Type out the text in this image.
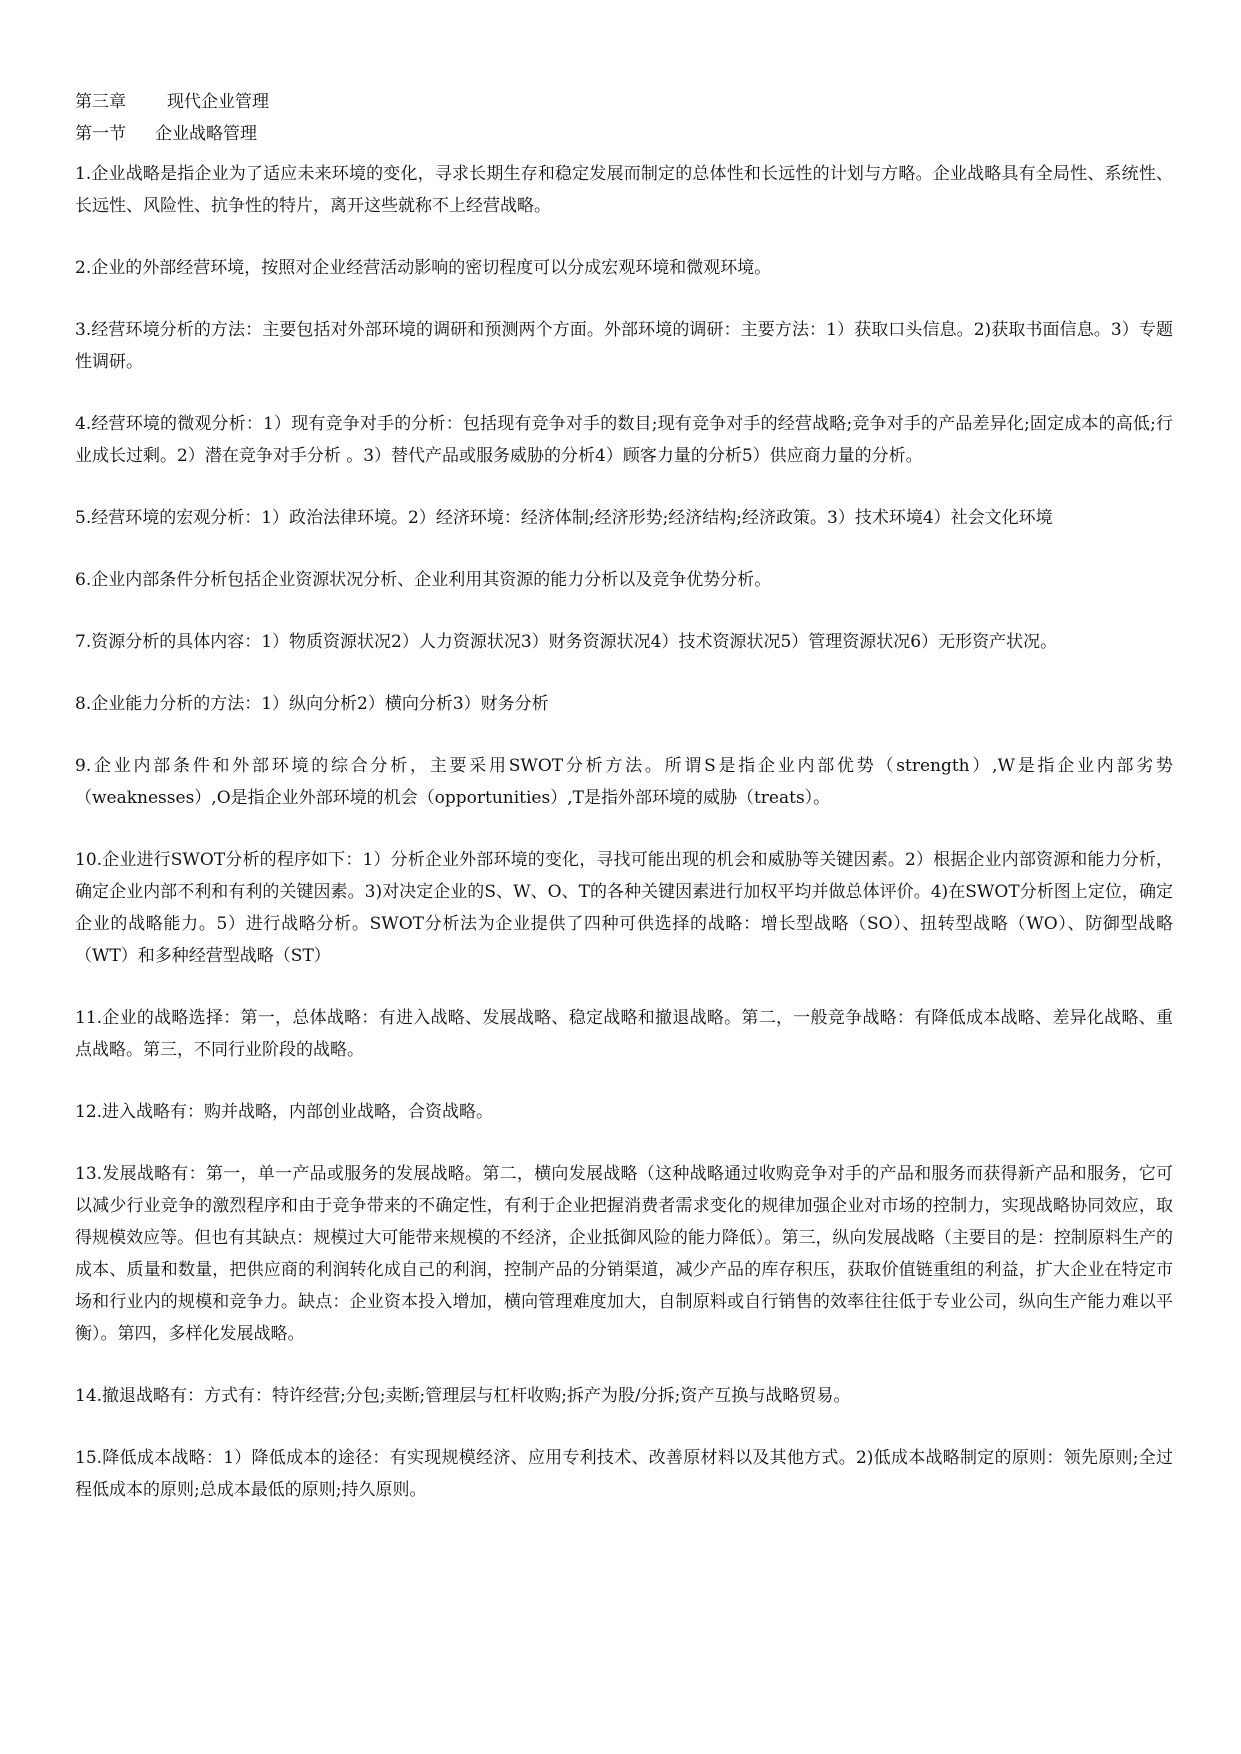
第三章 现代企业管理
第一节 企业战略管理

1.企业战略是指企业为了适应未来环境的变化，寻求长期生存和稳定发展而制定的总体性和长远性的计划与方略。企业战略具有全局性、系统性、长远性、风险性、抗争性的特片，离开这些就称不上经营战略。

2.企业的外部经营环境，按照对企业经营活动影响的密切程度可以分成宏观环境和微观环境。

3.经营环境分析的方法：主要包括对外部环境的调研和预测两个方面。外部环境的调研：主要方法：1）获取口头信息。2)获取书面信息。3）专题性调研。

4.经营环境的微观分析：1）现有竞争对手的分析：包括现有竞争对手的数目;现有竞争对手的经营战略;竞争对手的产品差异化;固定成本的高低;行业成长过剩。2）潜在竞争对手分析 。3）替代产品或服务威胁的分析4）顾客力量的分析5）供应商力量的分析。

5.经营环境的宏观分析：1）政治法律环境。2）经济环境：经济体制;经济形势;经济结构;经济政策。3）技术环境4）社会文化环境

6.企业内部条件分析包括企业资源状况分析、企业利用其资源的能力分析以及竞争优势分析。

7.资源分析的具体内容：1）物质资源状况2）人力资源状况3）财务资源状况4）技术资源状况5）管理资源状况6）无形资产状况。

8.企业能力分析的方法：1）纵向分析2）横向分析3）财务分析

9.企业内部条件和外部环境的综合分析，主要采用SWOT分析方法。所谓S是指企业内部优势（strength）,W是指企业内部劣势（weaknesses）,O是指企业外部环境的机会（opportunities）,T是指外部环境的威胁（treats）。

10.企业进行SWOT分析的程序如下：1）分析企业外部环境的变化，寻找可能出现的机会和威胁等关键因素。2）根据企业内部资源和能力分析，确定企业内部不利和有利的关键因素。3)对决定企业的S、W、O、T的各种关键因素进行加权平均并做总体评价。4)在SWOT分析图上定位，确定企业的战略能力。5）进行战略分析。SWOT分析法为企业提供了四种可供选择的战略：增长型战略（SO）、扭转型战略（WO）、防御型战略（WT）和多种经营型战略（ST）

11.企业的战略选择：第一，总体战略：有进入战略、发展战略、稳定战略和撤退战略。第二，一般竞争战略：有降低成本战略、差异化战略、重点战略。第三，不同行业阶段的战略。

12.进入战略有：购并战略，内部创业战略，合资战略。

13.发展战略有：第一，单一产品或服务的发展战略。第二，横向发展战略（这种战略通过收购竞争对手的产品和服务而获得新产品和服务，它可以减少行业竞争的激烈程序和由于竞争带来的不确定性，有利于企业把握消费者需求变化的规律加强企业对市场的控制力，实现战略协同效应，取得规模效应等。但也有其缺点：规模过大可能带来规模的不经济，企业抵御风险的能力降低）。第三，纵向发展战略（主要目的是：控制原料生产的成本、质量和数量，把供应商的利润转化成自己的利润，控制产品的分销渠道，减少产品的库存积压，获取价值链重组的利益，扩大企业在特定市场和行业内的规模和竞争力。缺点：企业资本投入增加，横向管理难度加大，自制原料或自行销售的效率往往低于专业公司，纵向生产能力难以平衡）。第四，多样化发展战略。

14.撤退战略有：方式有：特许经营;分包;卖断;管理层与杠杆收购;拆产为股/分拆;资产互换与战略贸易。

15.降低成本战略：1）降低成本的途径：有实现规模经济、应用专利技术、改善原材料以及其他方式。2)低成本战略制定的原则：领先原则;全过程低成本的原则;总成本最低的原则;持久原则。
